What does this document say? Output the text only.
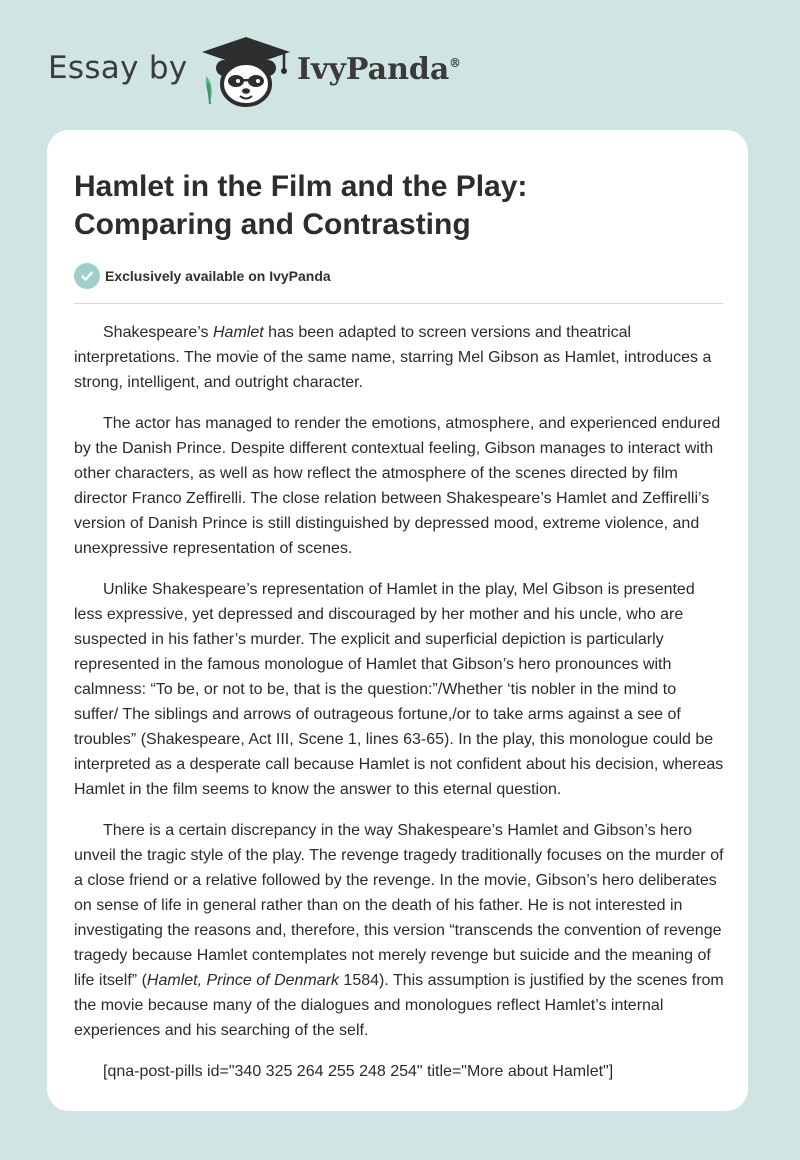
Essay by	IvyPanda ®
Hamlet in the Film and the Play:
Comparing and Contrasting
Exclusively available on IvyPanda

Shakespeare’s Hamlet has been adapted to screen versions and theatrical interpretations. The movie of the same name, starring Mel Gibson as Hamlet, introduces a strong, intelligent, and outright character.

The actor has managed to render the emotions, atmosphere, and experienced endured by the Danish Prince. Despite different contextual feeling, Gibson manages to interact with other characters, as well as how reflect the atmosphere of the scenes directed by film director Franco Zeffirelli. The close relation between Shakespeare’s Hamlet and Zeffirelli’s version of Danish Prince is still distinguished by depressed mood, extreme violence, and unexpressive representation of scenes.

Unlike Shakespeare’s representation of Hamlet in the play, Mel Gibson is presented less expressive, yet depressed and discouraged by her mother and his uncle, who are suspected in his father’s murder. The explicit and superficial depiction is particularly represented in the famous monologue of Hamlet that Gibson’s hero pronounces with calmness: “To be, or not to be, that is the question:”/Whether ‘tis nobler in the mind to suffer/ The siblings and arrows of outrageous fortune,/or to take arms against a see of troubles” (Shakespeare, Act III, Scene 1, lines 63-65). In the play, this monologue could be interpreted as a desperate call because Hamlet is not confident about his decision, whereas Hamlet in the film seems to know the answer to this eternal question.

There is a certain discrepancy in the way Shakespeare’s Hamlet and Gibson’s hero unveil the tragic style of the play. The revenge tragedy traditionally focuses on the murder of a close friend or a relative followed by the revenge. In the movie, Gibson’s hero deliberates on sense of life in general rather than on the death of his father. He is not interested in investigating the reasons and, therefore, this version “transcends the convention of revenge tragedy because Hamlet contemplates not merely revenge but suicide and the meaning of life itself” (Hamlet, Prince of Denmark 1584). This assumption is justified by the scenes from the movie because many of the dialogues and monologues reflect Hamlet’s internal experiences and his searching of the self.

[qna-post-pills id="340 325 264 255 248 254" title="More about Hamlet"]
